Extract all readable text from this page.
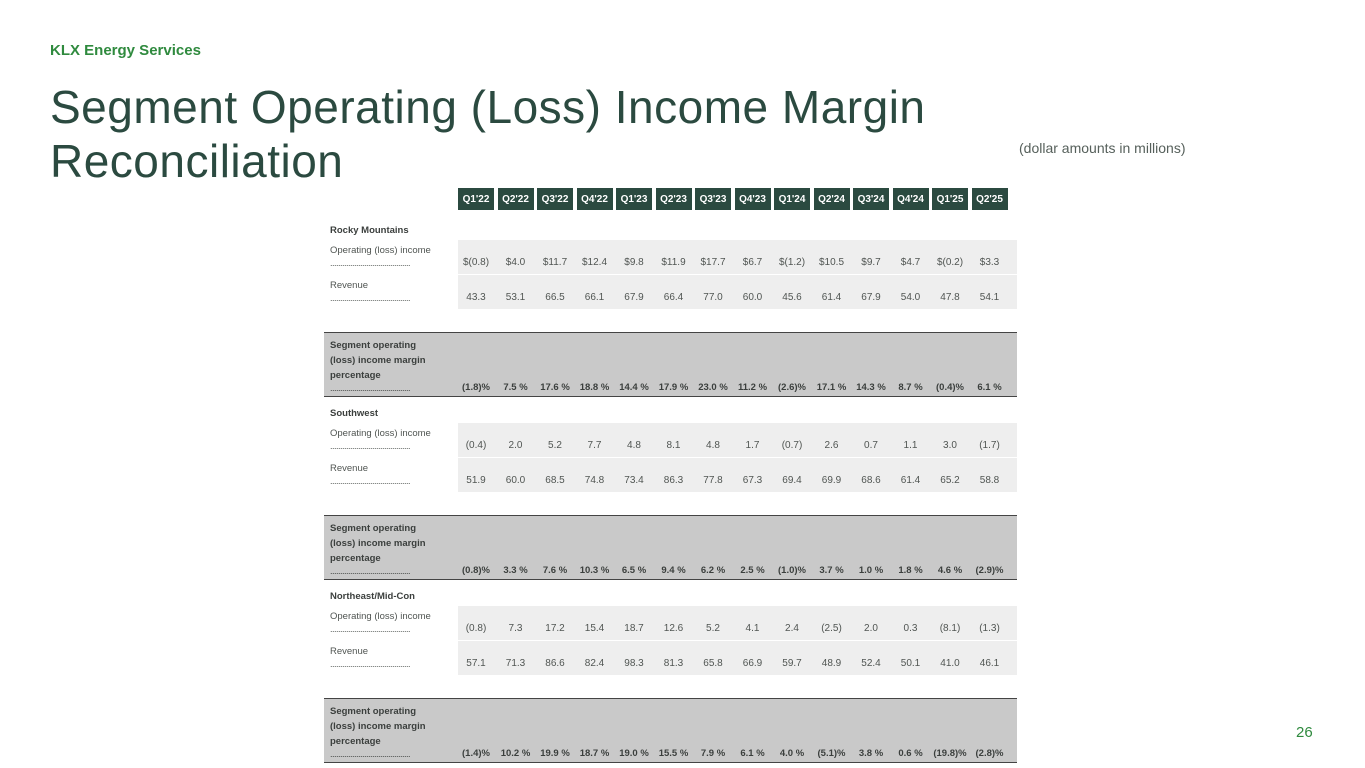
KLX Energy Services
Segment Operating (Loss) Income Margin
Reconciliation	(dollar amounts in millions)
Q1'22	Q2'22	Q3'22	Q4'22	Q1'23	Q2'23	Q3'23	Q4'23	Q1'24	Q2'24	Q3'24	Q4'24	Q1'25	Q2'25
Rocky Mountains
Operating (loss) income
........................................	$(0.8)	$4.0	$11.7	$12.4	$9.8	$11.9	$17.7	$6.7	$(1.2)	$10.5	$9.7	$4.7	$(0.2)	$3.3
Revenue
........................................	43.3	53.1	66.5	66.1	67.9	66.4	77.0	60.0	45.6	61.4	67.9	54.0	47.8	54.1
Segment operating (loss) income margin percentage
........................................	(1.8)%	7.5 %	17.6 %	18.8 %	14.4 %	17.9 %	23.0 %	11.2 %	(2.6)%	17.1 %	14.3 %	8.7 %	(0.4)%	6.1 %
Southwest
Operating (loss) income
........................................	(0.4)	2.0	5.2	7.7	4.8	8.1	4.8	1.7	(0.7)	2.6	0.7	1.1	3.0	(1.7)
Revenue
........................................	51.9	60.0	68.5	74.8	73.4	86.3	77.8	67.3	69.4	69.9	68.6	61.4	65.2	58.8
Segment operating (loss) income margin percentage
........................................	(0.8)%	3.3 %	7.6 %	10.3 %	6.5 %	9.4 %	6.2 %	2.5 %	(1.0)%	3.7 %	1.0 %	1.8 %	4.6 %	(2.9)%
Northeast/Mid-Con
Operating (loss) income
........................................	(0.8)	7.3	17.2	15.4	18.7	12.6	5.2	4.1	2.4	(2.5)	2.0	0.3	(8.1)	(1.3)
Revenue
........................................	57.1	71.3	86.6	82.4	98.3	81.3	65.8	66.9	59.7	48.9	52.4	50.1	41.0	46.1
Segment operating (loss) income margin percentage
........................................	(1.4)%	10.2 %	19.9 %	18.7 %	19.0 %	15.5 %	7.9 %	6.1 %	4.0 %	(5.1)%	3.8 %	0.6 %	(19.8)% (2.8)%
26
